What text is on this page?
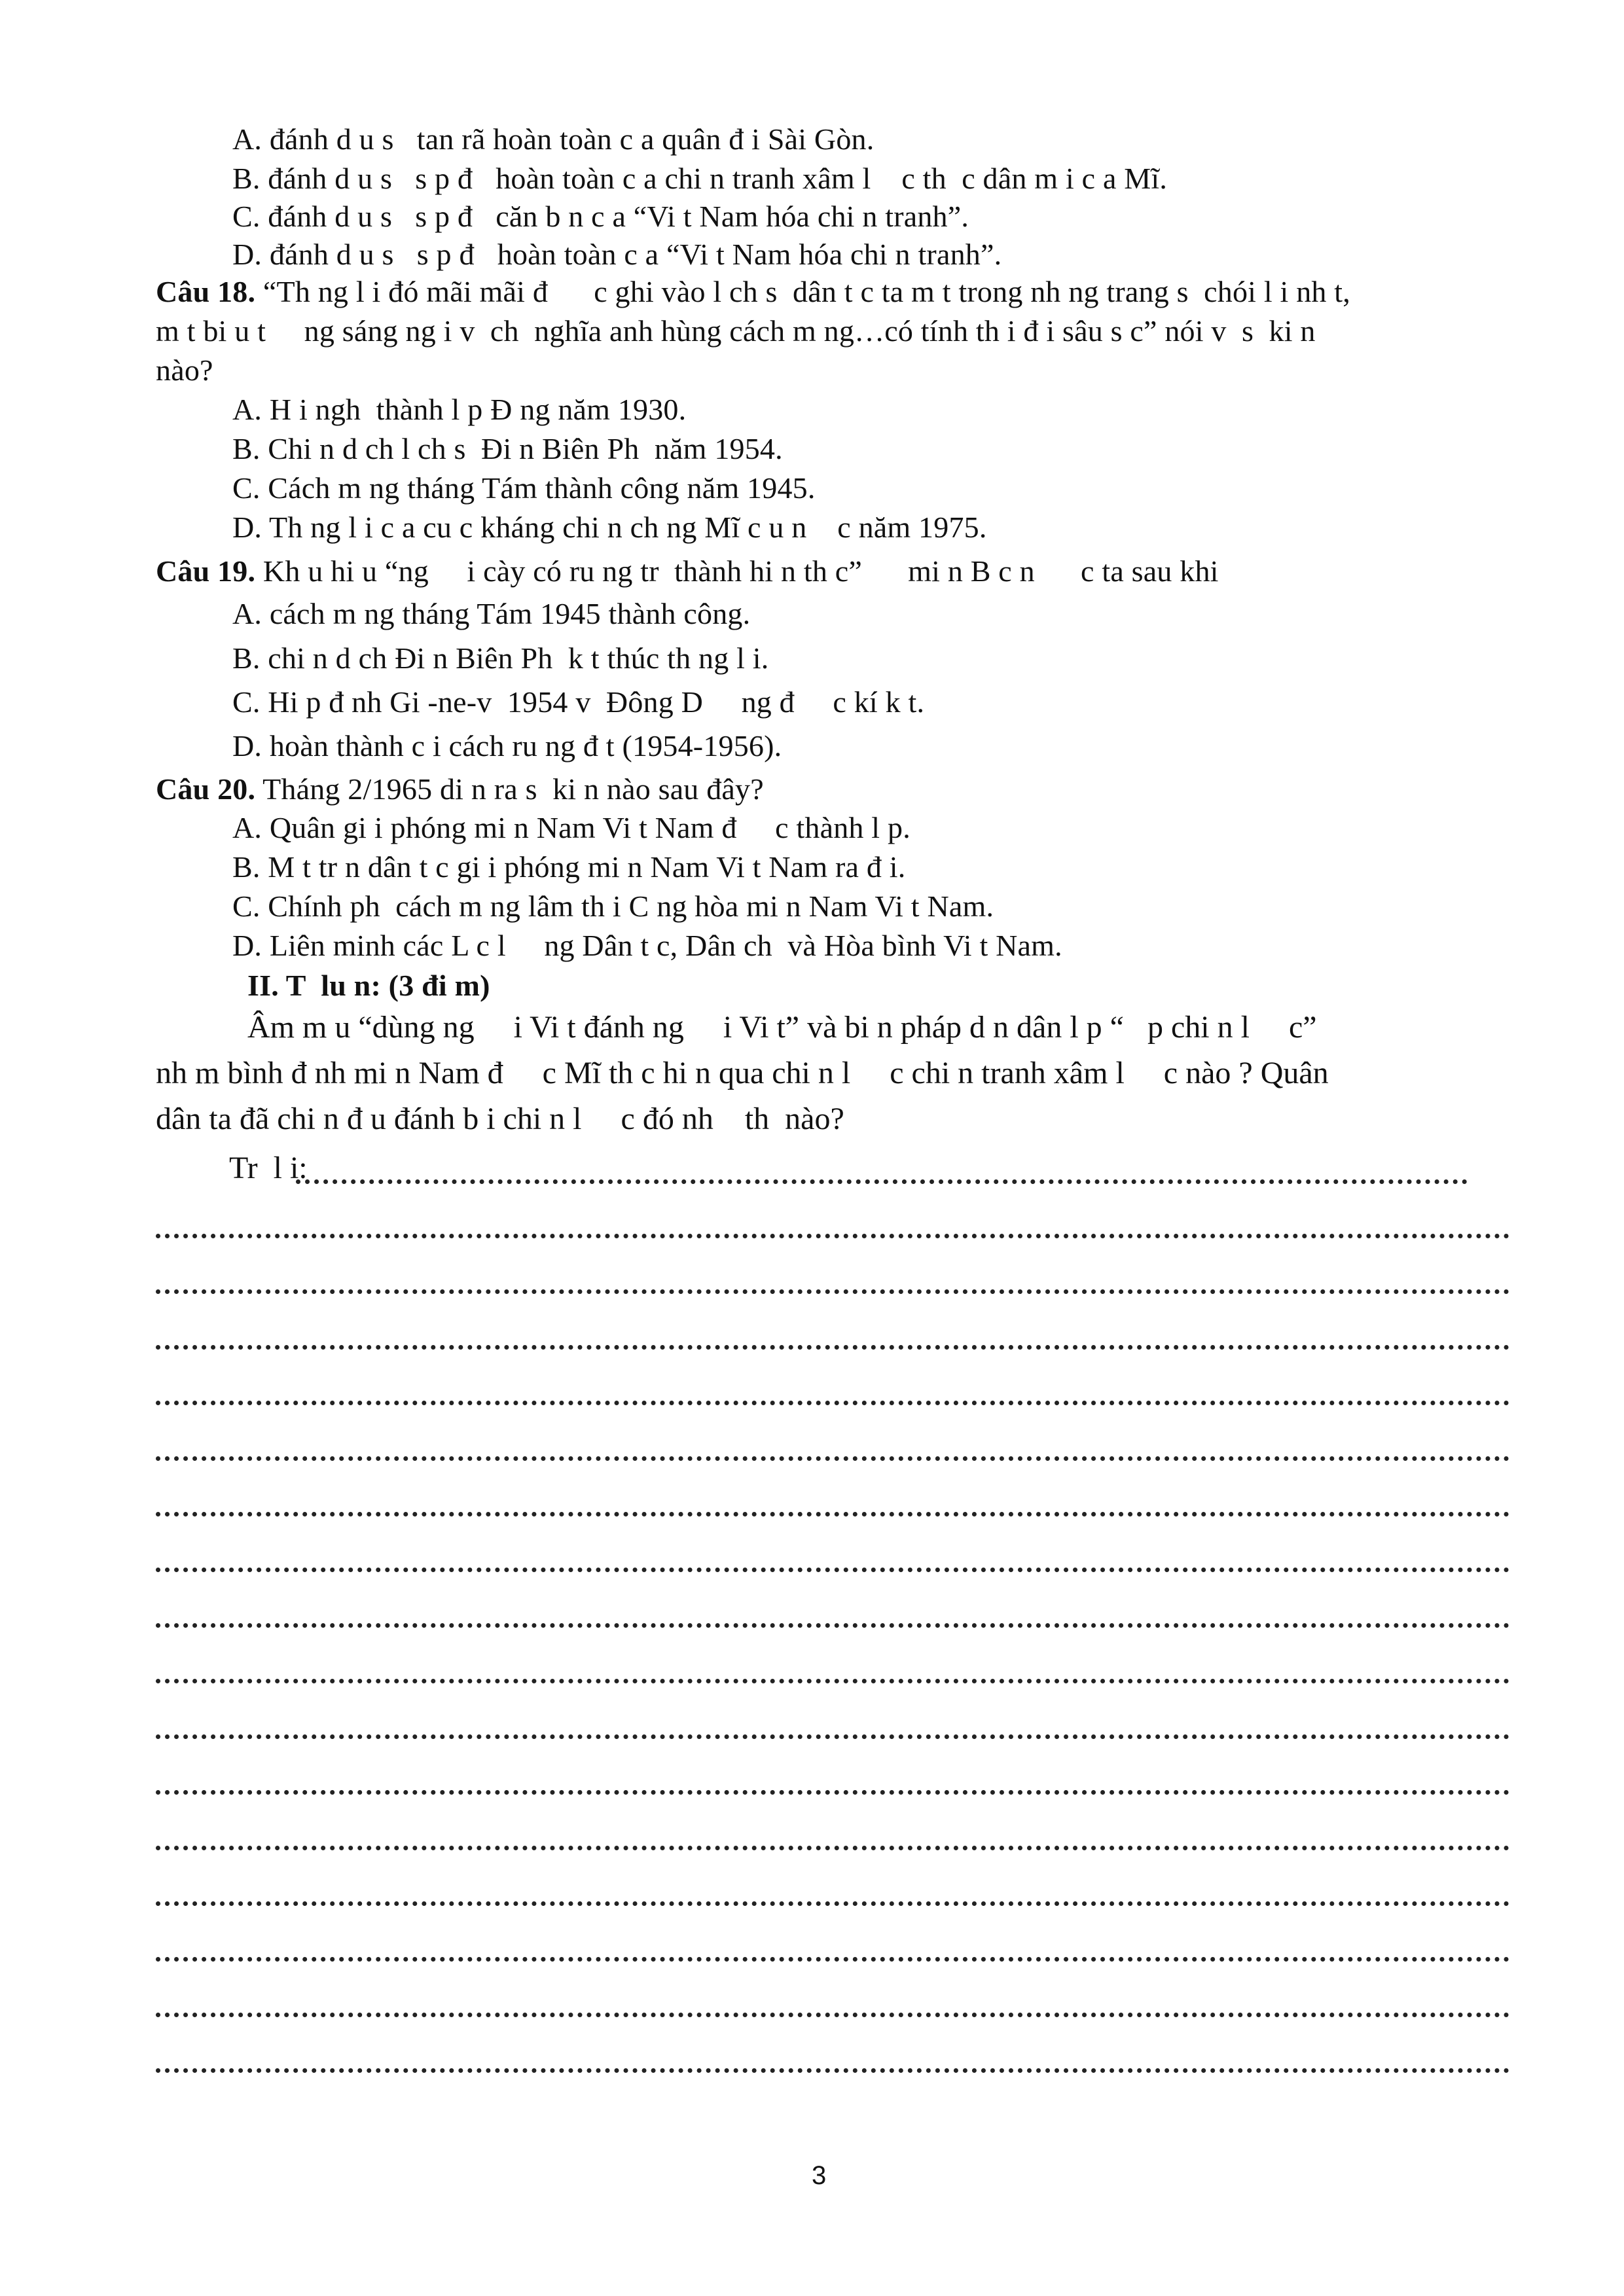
A. đánh d u s   tan rã hoàn toàn c a quân đ i Sài Gòn.
B. đánh d u s   s p đ   hoàn toàn c a chi n tranh xâm l    c th  c dân m i c a Mĩ.
C. đánh d u s   s p đ   căn b n c a “Vi t Nam hóa chi n tranh”.
D. đánh d u s   s p đ   hoàn toàn c a “Vi t Nam hóa chi n tranh”.
Câu 18. “Th ng l i đó mãi mãi đ      c ghi vào l ch s  dân t c ta m t trong nh ng trang s  chói l i nh t,
m t bi u t     ng sáng ng i v  ch  nghĩa anh hùng cách m ng…có tính th i đ i sâu s c” nói v  s  ki n
nào?
A. H i ngh  thành l p Đ ng năm 1930.
B. Chi n d ch l ch s  Đi n Biên Ph  năm 1954.
C. Cách m ng tháng Tám thành công năm 1945.
D. Th ng l i c a cu c kháng chi n ch ng Mĩ c u n    c năm 1975.
Câu 19. Kh u hi u “ng     i cày có ru ng tr  thành hi n th c”      mi n B c n      c ta sau khi
A. cách m ng tháng Tám 1945 thành công.
B. chi n d ch Đi n Biên Ph  k t thúc th ng l i.
C. Hi p đ nh Gi -ne-v  1954 v  Đông D     ng đ     c kí k t.
D. hoàn thành c i cách ru ng đ t (1954-1956).
Câu 20. Tháng 2/1965 di n ra s  ki n nào sau đây?
A. Quân gi i phóng mi n Nam Vi t Nam đ     c thành l p.
B. M t tr n dân t c gi i phóng mi n Nam Vi t Nam ra đ i.
C. Chính ph  cách m ng lâm th i C ng hòa mi n Nam Vi t Nam.
D. Liên minh các L c l     ng Dân t c, Dân ch  và Hòa bình Vi t Nam.
II. T  lu n: (3 đi m)
Âm m u “dùng ng     i Vi t đánh ng     i Vi t” và bi n pháp d n dân l p “   p chi n l     c”
nh m bình đ nh mi n Nam đ     c Mĩ th c hi n qua chi n l     c chi n tranh xâm l     c nào ? Quân
dân ta đã chi n đ u đánh b i chi n l     c đó nh    th  nào?
Tr  l i:
3
